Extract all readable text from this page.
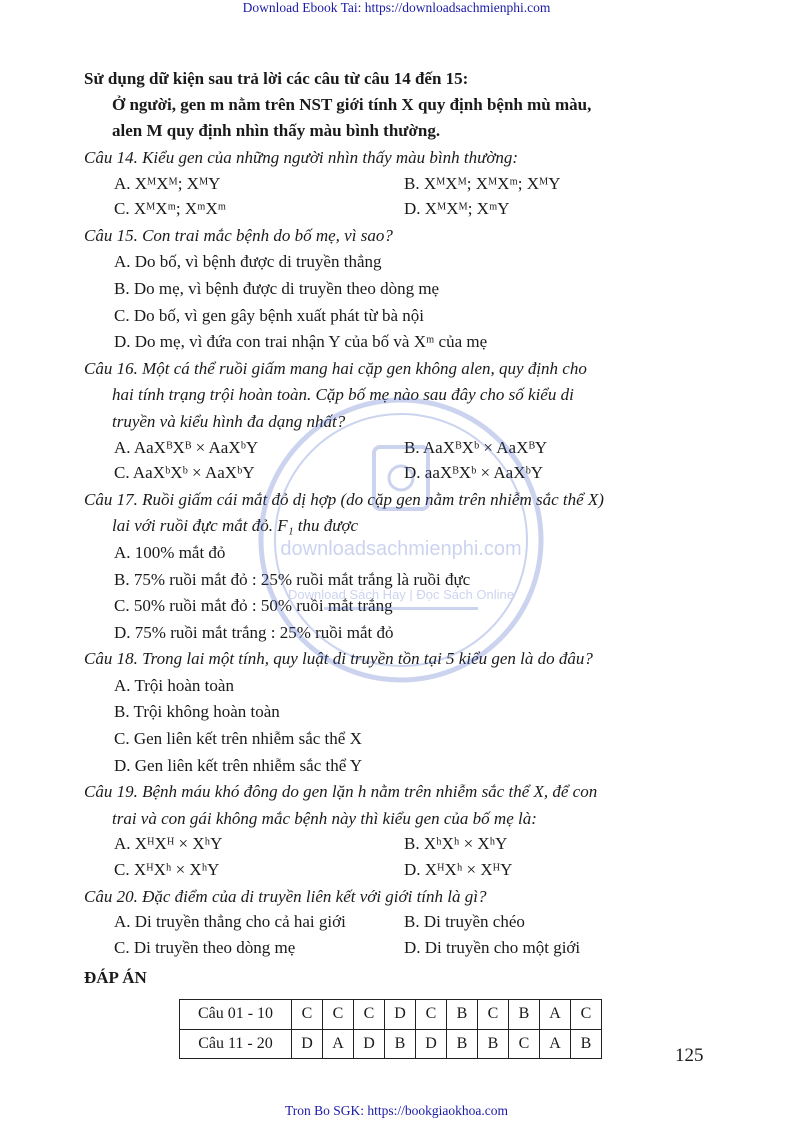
Download Ebook Tai: https://downloadsachmienphi.com
Sử dụng dữ kiện sau trả lời các câu từ câu 14 đến 15:
Ở người, gen m nằm trên NST giới tính X quy định bệnh mù màu,
alen M quy định nhìn thấy màu bình thường.
Câu 14. Kiểu gen của những người nhìn thấy màu bình thường:
A. XᴹXᴹ; XᴹY	B. XᴹXᴹ; XᴹXᵐ; XᴹY
C. XᴹXᵐ; XᵐXᵐ	D. XᴹXᴹ; XᵐY
Câu 15. Con trai mắc bệnh do bố mẹ, vì sao?
A. Do bố, vì bệnh được di truyền thẳng
B. Do mẹ, vì bệnh được di truyền theo dòng mẹ
C. Do bố, vì gen gây bệnh xuất phát từ bà nội
D. Do mẹ, vì đứa con trai nhận Y của bố và Xᵐ của mẹ
Câu 16. Một cá thể ruồi giấm mang hai cặp gen không alen, quy định cho
hai tính trạng trội hoàn toàn. Cặp bố mẹ nào sau đây cho số kiểu di
truyền và kiểu hình đa dạng nhất?
A. AaXᴮXᴮ × AaXᵇY	B. AaXᴮXᵇ × AaXᴮY
C. AaXᵇXᵇ × AaXᵇY	D. aaXᴮXᵇ × AaXᵇY
Câu 17. Ruồi giấm cái mắt đỏ dị hợp (do cặp gen nằm trên nhiễm sắc thể X)
lai với ruồi đực mắt đỏ. F₁ thu được
A. 100% mắt đỏ
B. 75% ruồi mắt đỏ : 25% ruồi mắt trắng là ruồi đực
C. 50% ruồi mắt đỏ : 50% ruồi mắt trắng
D. 75% ruồi mắt trắng : 25% ruồi mắt đỏ
Câu 18. Trong lai một tính, quy luật di truyền tồn tại 5 kiểu gen là do đâu?
A. Trội hoàn toàn
B. Trội không hoàn toàn
C. Gen liên kết trên nhiễm sắc thể X
D. Gen liên kết trên nhiễm sắc thể Y
Câu 19. Bệnh máu khó đông do gen lặn h nằm trên nhiễm sắc thể X, để con
trai và con gái không mắc bệnh này thì kiểu gen của bố mẹ là:
A. XᴴXᴴ × XʰY	B. XʰXʰ × XʰY
C. XᴴXʰ × XʰY	D. XᴴXʰ × XᴴY
Câu 20. Đặc điểm của di truyền liên kết với giới tính là gì?
A. Di truyền thẳng cho cả hai giới	B. Di truyền chéo
C. Di truyền theo dòng mẹ	D. Di truyền cho một giới
ĐÁP ÁN
Câu 01 - 10	C	C	C	D	C	B	C	B	A	C
Câu 11 - 20	D	A	D	B	D	B	B	C	A	B
downloadsachmienphi.com
Download Sách Hay | Đọc Sách Online
125
Tron Bo SGK: https://bookgiaokhoa.com
